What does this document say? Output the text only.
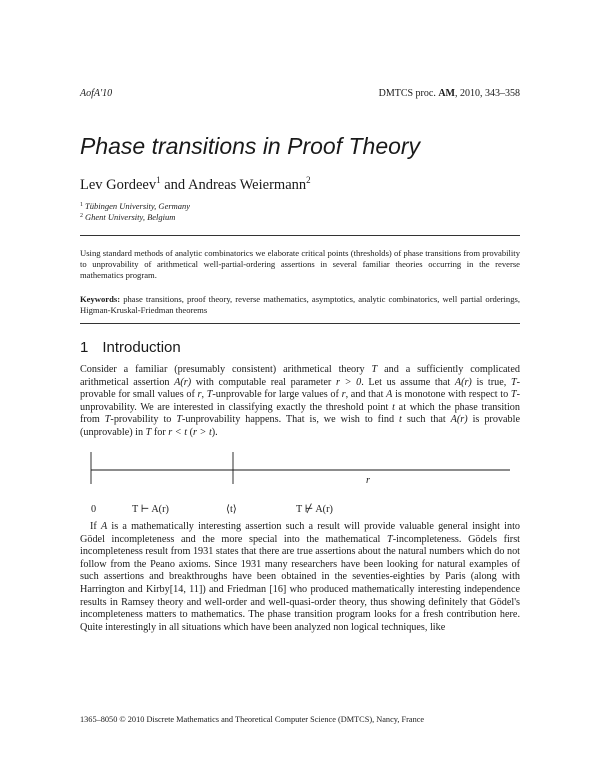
AofA'10	DMTCS proc. AM, 2010, 343–358
Phase transitions in Proof Theory
Lev Gordeev$^1$ and Andreas Weiermann$^2$
$^1$ Tübingen University, Germany
$^2$ Ghent University, Belgium
Using standard methods of analytic combinatorics we elaborate critical points (thresholds) of phase transitions from provability to unprovability of arithmetical well-partial-ordering assertions in several familiar theories occurring in the reverse mathematics program.
Keywords: phase transitions, proof theory, reverse mathematics, asymptotics, analytic combinatorics, well partial orderings, Higman-Kruskal-Friedman theorems
1 Introduction
Consider a familiar (presumably consistent) arithmetical theory T and a sufficiently complicated arithmetical assertion A(r) with computable real parameter r > 0. Let us assume that A(r) is true, T-provable for small values of r, T-unprovable for large values of r, and that A is monotone with respect to T-unprovability. We are interested in classifying exactly the threshold point t at which the phase transition from T-provability to T-unprovability happens. That is, we wish to find t such that A(r) is provable (unprovable) in T for r < t (r > t).
r
0	T ⊢ A(r)	⟨t⟩	T ⊬ A(r)
If A is a mathematically interesting assertion such a result will provide valuable general insight into Gödel incompleteness and the more special into the mathematical T-incompleteness. Gödels first incompleteness result from 1931 states that there are true assertions about the natural numbers which do not follow from the Peano axioms. Since 1931 many researchers have been looking for natural examples of such assertions and breakthroughs have been obtained in the seventies-eighties by Paris (along with Harrington and Kirby[14, 11]) and Friedman [16] who produced mathematically interesting independence results in Ramsey theory and well-order and well-quasi-order theory, thus showing definitely that Gödel's incompleteness matters to mathematics. The phase transition program looks for a fresh contribution here. Quite interestingly in all situations which have been analyzed non logical techniques, like
1365–8050 © 2010 Discrete Mathematics and Theoretical Computer Science (DMTCS), Nancy, France
